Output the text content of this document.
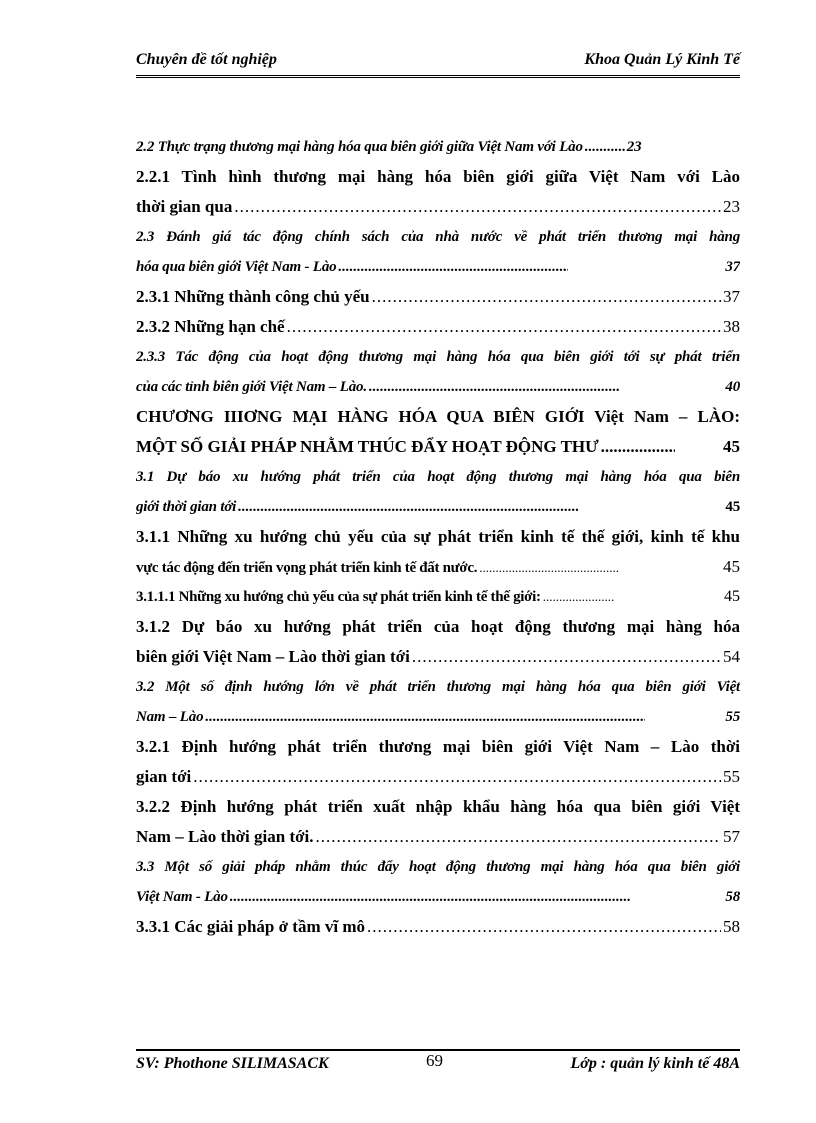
Chuyên đề tốt nghiệp	Khoa Quản Lý Kinh Tế
2.2 Thực trạng thương mại hàng hóa qua biên giới giữa Việt Nam với Lào .....	23
2.2.1 Tình hình thương mại hàng hóa biên giới giữa Việt Nam với Lào
thời gian qua .....	23
2.3 Đánh giá tác động chính sách của nhà nước về phát triển thương mại hàng
hóa qua biên giới Việt Nam - Lào .....	37
2.3.1 Những thành công chủ yếu .....	37
2.3.2 Những hạn chế .....	38
2.3.3 Tác động của hoạt động thương mại hàng hóa qua biên giới tới sự phát triển
của các tỉnh biên giới Việt Nam – Lào. .....	40
CHƯƠNG IIIƠNG MẠI HÀNG HÓA QUA BIÊN GIỚI Việt Nam – LÀO:
MỘT SỐ GIẢI PHÁP NHẰM THÚC ĐẨY HOẠT ĐỘNG THƯ .....	45
3.1 Dự báo xu hướng phát triển của hoạt động thương mại hàng hóa qua biên
giới thời gian tới .....	45
3.1.1 Những xu hướng chủ yếu của sự phát triển kinh tế thế giới, kinh tế khu
vực tác động đến triển vọng phát triển kinh tế đất nước. .....	45
3.1.1.1 Những xu hướng chủ yếu của sự phát triển kinh tế thế giới: .....	45
3.1.2 Dự báo xu hướng phát triển của hoạt động thương mại hàng hóa
biên giới Việt Nam – Lào thời gian tới .....	54
3.2 Một số định hướng lớn về phát triển thương mại hàng hóa qua biên giới Việt
Nam – Lào .....	55
3.2.1 Định hướng phát triển thương mại biên giới Việt Nam – Lào thời
gian tới .....	55
3.2.2 Định hướng phát triển xuất nhập khẩu hàng hóa qua biên giới Việt
Nam – Lào thời gian tới. .....	57
3.3 Một số giải pháp nhằm thúc đẩy hoạt động thương mại hàng hóa qua biên giới
Việt Nam - Lào .....	58
3.3.1 Các giải pháp ở tầm vĩ mô .....	58
SV: Phothone SILIMASACK	69	Lớp : quản lý kinh tế 48A
